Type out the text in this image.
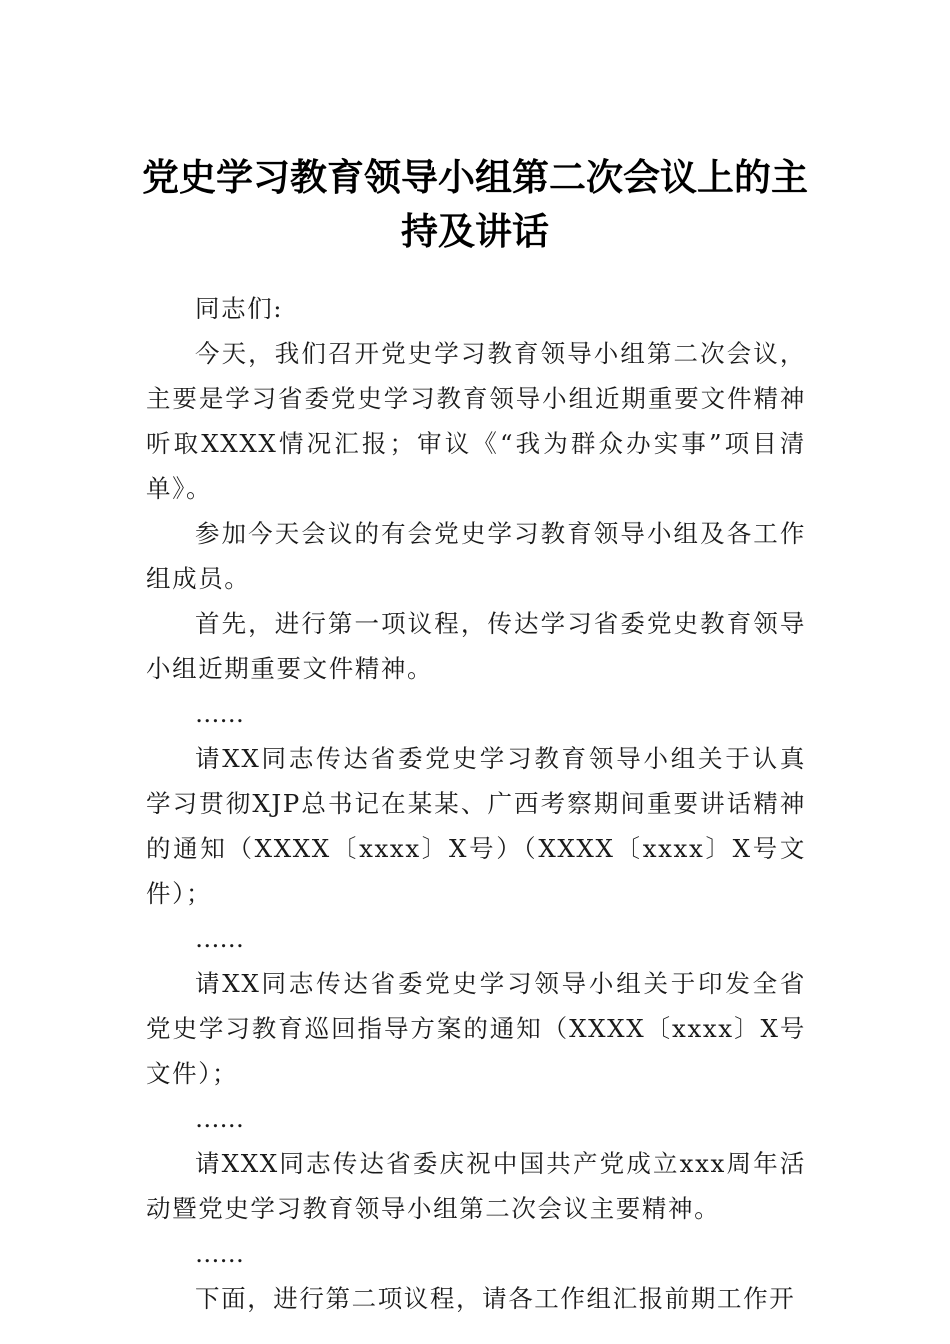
党史学习教育领导小组第二次会议上的主
持及讲话

同志们:

今天，我们召开党史学习教育领导小组第二次会议，主要是学习省委党史学习教育领导小组近期重要文件精神听取XXXX情况汇报；审议《“我为群众办实事”项目清单》。

参加今天会议的有会党史学习教育领导小组及各工作组成员。

首先，进行第一项议程，传达学习省委党史教育领导小组近期重要文件精神。

……

请XX同志传达省委党史学习教育领导小组关于认真学习贯彻XJP总书记在某某、广西考察期间重要讲话精神的通知（XXXX〔xxxx〕X号）（XXXX〔xxxx〕X号文件）；

……

请XX同志传达省委党史学习领导小组关于印发全省党史学习教育巡回指导方案的通知（XXXX〔xxxx〕X号文件）；

……

请XXX同志传达省委庆祝中国共产党成立xxx周年活动暨党史学习教育领导小组第二次会议主要精神。

……

下面，进行第二项议程，请各工作组汇报前期工作开
